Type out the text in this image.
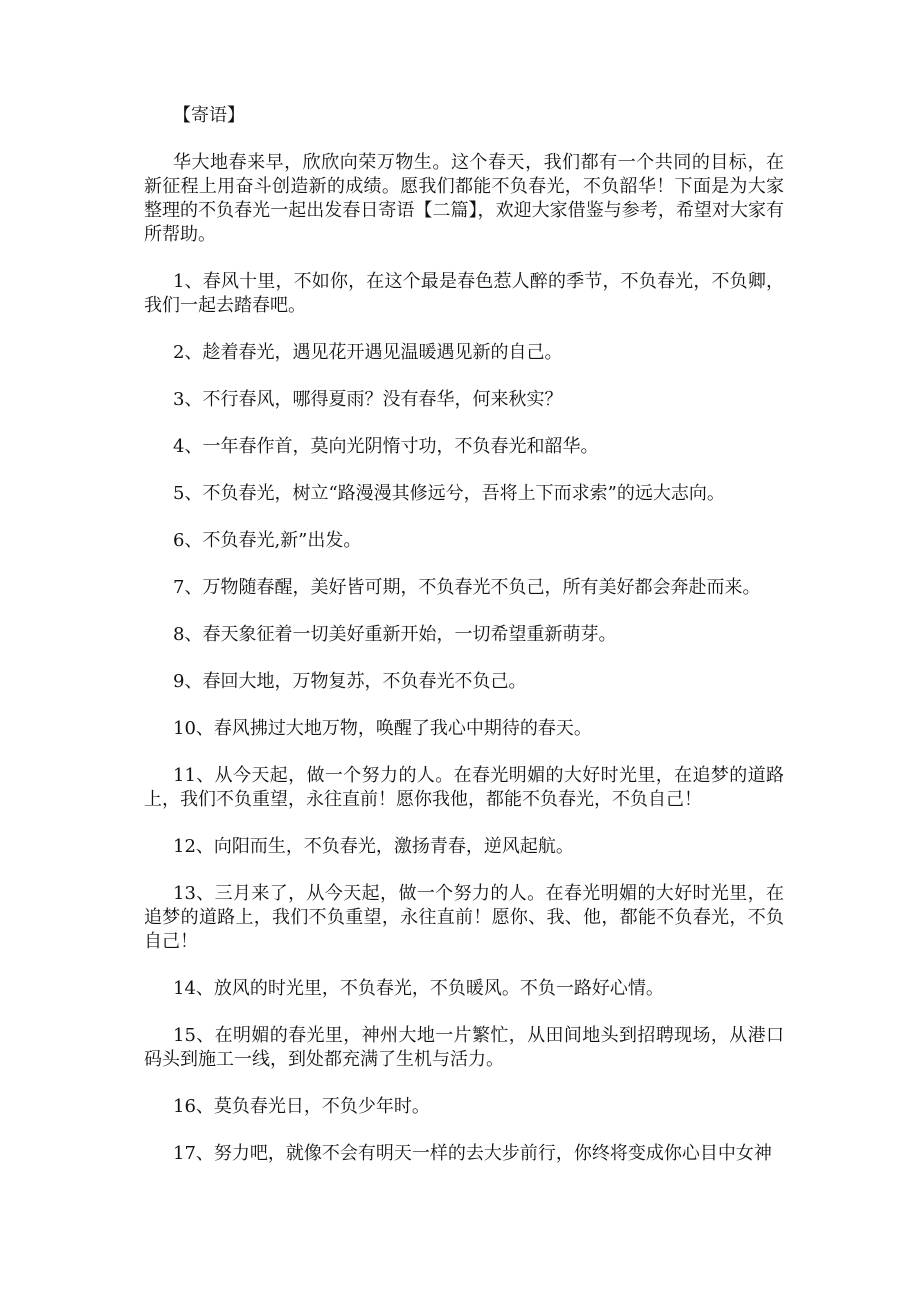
【寄语】

华大地春来早，欣欣向荣万物生。这个春天，我们都有一个共同的目标，在新征程上用奋斗创造新的成绩。愿我们都能不负春光，不负韶华！下面是为大家整理的不负春光一起出发春日寄语【二篇】，欢迎大家借鉴与参考，希望对大家有所帮助。

1、春风十里，不如你，在这个最是春色惹人醉的季节，不负春光，不负卿，我们一起去踏春吧。

2、趁着春光，遇见花开遇见温暖遇见新的自己。

3、不行春风，哪得夏雨？没有春华，何来秋实？

4、一年春作首，莫向光阴惰寸功，不负春光和韶华。

5、不负春光，树立“路漫漫其修远兮，吾将上下而求索”的远大志向。

6、不负春光,新”出发。

7、万物随春醒，美好皆可期，不负春光不负己，所有美好都会奔赴而来。

8、春天象征着一切美好重新开始，一切希望重新萌芽。

9、春回大地，万物复苏，不负春光不负己。

10、春风拂过大地万物，唤醒了我心中期待的春天。

11、从今天起，做一个努力的人。在春光明媚的大好时光里，在追梦的道路上，我们不负重望，永往直前！愿你我他，都能不负春光，不负自己！

12、向阳而生，不负春光，激扬青春，逆风起航。

13、三月来了，从今天起，做一个努力的人。在春光明媚的大好时光里，在追梦的道路上，我们不负重望，永往直前！愿你、我、他，都能不负春光，不负自己！

14、放风的时光里，不负春光，不负暖风。不负一路好心情。

15、在明媚的春光里，神州大地一片繁忙，从田间地头到招聘现场，从港口码头到施工一线，到处都充满了生机与活力。

16、莫负春光日，不负少年时。

17、努力吧，就像不会有明天一样的去大步前行，你终将变成你心目中女神
